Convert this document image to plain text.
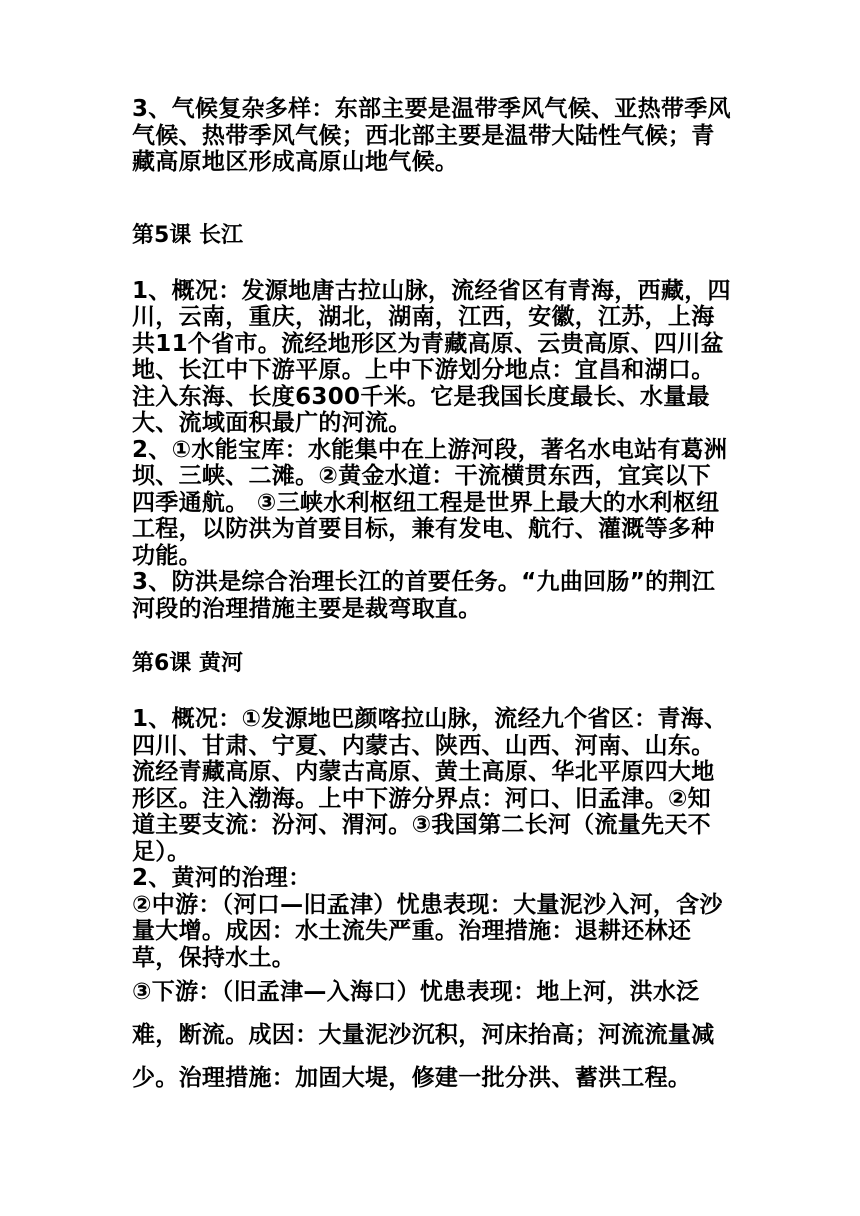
3、气候复杂多样：东部主要是温带季风气候、亚热带季风气候、热带季风气候；西北部主要是温带大陆性气候；青藏高原地区形成高原山地气候。

第5课 长江

1、概况：发源地唐古拉山脉，流经省区有青海，西藏，四川，云南，重庆，湖北，湖南，江西，安徽，江苏，上海共11个省市。流经地形区为青藏高原、云贵高原、四川盆地、长江中下游平原。上中下游划分地点：宜昌和湖口。注入东海、长度6300千米。它是我国长度最长、水量最大、流域面积最广的河流。

2、①水能宝库：水能集中在上游河段，著名水电站有葛洲坝、三峡、二滩。②黄金水道：干流横贯东西，宜宾以下四季通航。 ③三峡水利枢纽工程是世界上最大的水利枢纽工程，以防洪为首要目标，兼有发电、航行、灌溉等多种功能。

3、防洪是综合治理长江的首要任务。“九曲回肠”的荆江河段的治理措施主要是裁弯取直。

第6课 黄河

1、概况：①发源地巴颜喀拉山脉，流经九个省区：青海、四川、甘肃、宁夏、内蒙古、陕西、山西、河南、山东。流经青藏高原、内蒙古高原、黄土高原、华北平原四大地形区。注入渤海。上中下游分界点：河口、旧孟津。②知道主要支流：汾河、渭河。③我国第二长河（流量先天不足）。

2、黄河的治理：

②中游：（河口—旧孟津）忧患表现：大量泥沙入河，含沙量大增。成因：水土流失严重。治理措施：退耕还林还草，保持水土。

③下游：（旧孟津—入海口）忧患表现：地上河，洪水泛难，断流。成因：大量泥沙沉积，河床抬高；河流流量减少。治理措施：加固大堤，修建一批分洪、蓄洪工程。
